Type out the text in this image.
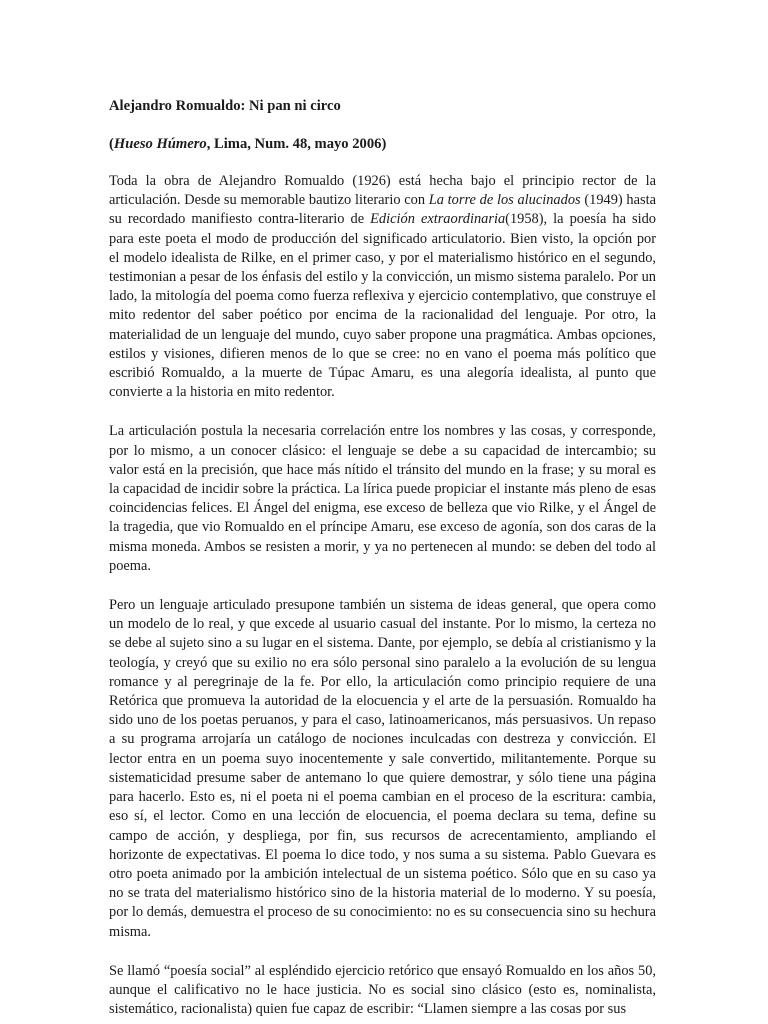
Alejandro Romualdo: Ni pan ni circo

(Hueso Húmero, Lima, Num. 48, mayo 2006)

Toda la obra de Alejandro Romualdo (1926) está hecha bajo el principio rector de la articulación. Desde su memorable bautizo literario con La torre de los alucinados (1949) hasta su recordado manifiesto contra-literario de Edición extraordinaria(1958), la poesía ha sido para este poeta el modo de producción del significado articulatorio. Bien visto, la opción por el modelo idealista de Rilke, en el primer caso, y por el materialismo histórico en el segundo, testimonian a pesar de los énfasis del estilo y la convicción, un mismo sistema paralelo. Por un lado, la mitología del poema como fuerza reflexiva y ejercicio contemplativo, que construye el mito redentor del saber poético por encima de la racionalidad del lenguaje. Por otro, la materialidad de un lenguaje del mundo, cuyo saber propone una pragmática. Ambas opciones, estilos y visiones, difieren menos de lo que se cree: no en vano el poema más político que escribió Romualdo, a la muerte de Túpac Amaru, es una alegoría idealista, al punto que convierte a la historia en mito redentor.

La articulación postula la necesaria correlación entre los nombres y las cosas, y corresponde, por lo mismo, a un conocer clásico: el lenguaje se debe a su capacidad de intercambio; su valor está en la precisión, que hace más nítido el tránsito del mundo en la frase; y su moral es la capacidad de incidir sobre la práctica. La lírica puede propiciar el instante más pleno de esas coincidencias felices. El Ángel del enigma, ese exceso de belleza que vio Rilke, y el Ángel de la tragedia, que vio Romualdo en el príncipe Amaru, ese exceso de agonía, son dos caras de la misma moneda. Ambos se resisten a morir, y ya no pertenecen al mundo: se deben del todo al poema.

Pero un lenguaje articulado presupone también un sistema de ideas general, que opera como un modelo de lo real, y que excede al usuario casual del instante. Por lo mismo, la certeza no se debe al sujeto sino a su lugar en el sistema. Dante, por ejemplo, se debía al cristianismo y la teología, y creyó que su exilio no era sólo personal sino paralelo a la evolución de su lengua romance y al peregrinaje de la fe. Por ello, la articulación como principio requiere de una Retórica que promueva la autoridad de la elocuencia y el arte de la persuasión. Romualdo ha sido uno de los poetas peruanos, y para el caso, latinoamericanos, más persuasivos. Un repaso a su programa arrojaría un catálogo de nociones inculcadas con destreza y convicción. El lector entra en un poema suyo inocentemente y sale convertido, militantemente. Porque su sistematicidad presume saber de antemano lo que quiere demostrar, y sólo tiene una página para hacerlo. Esto es, ni el poeta ni el poema cambian en el proceso de la escritura: cambia, eso sí, el lector. Como en una lección de elocuencia, el poema declara su tema, define su campo de acción, y despliega, por fin, sus recursos de acrecentamiento, ampliando el horizonte de expectativas. El poema lo dice todo, y nos suma a su sistema. Pablo Guevara es otro poeta animado por la ambición intelectual de un sistema poético. Sólo que en su caso ya no se trata del materialismo histórico sino de la historia material de lo moderno. Y su poesía, por lo demás, demuestra el proceso de su conocimiento: no es su consecuencia sino su hechura misma.

Se llamó “poesía social” al espléndido ejercicio retórico que ensayó Romualdo en los años 50, aunque el calificativo no le hace justicia. No es social sino clásico (esto es, nominalista, sistemático, racionalista) quien fue capaz de escribir: “Llamen siempre a las cosas por sus
